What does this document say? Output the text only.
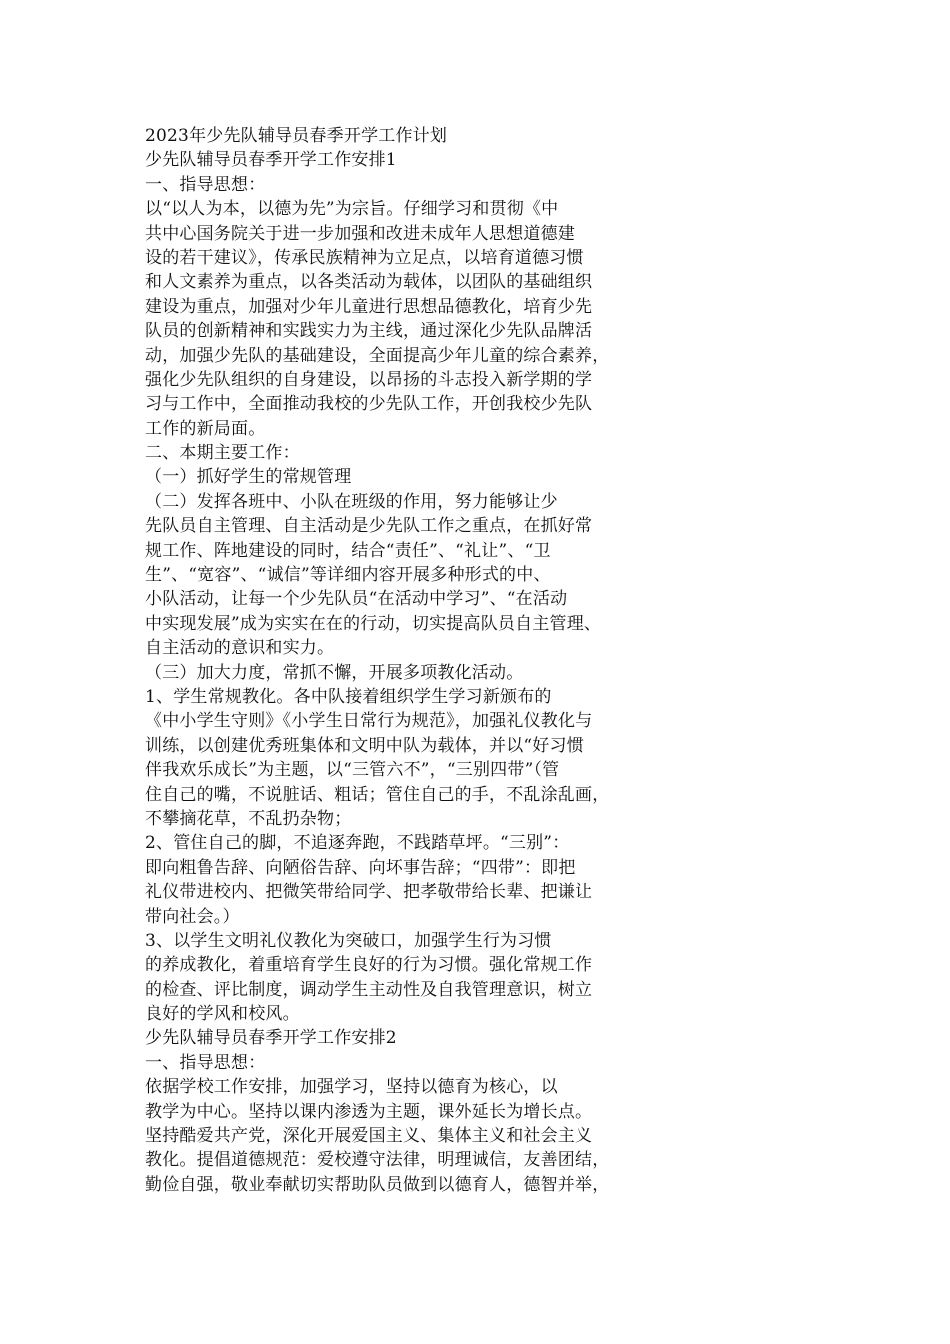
2023年少先队辅导员春季开学工作计划
少先队辅导员春季开学工作安排1
一、指导思想：
以“以人为本，以德为先”为宗旨。仔细学习和贯彻《中
共中心国务院关于进一步加强和改进未成年人思想道德建
设的若干建议》，传承民族精神为立足点，以培育道德习惯
和人文素养为重点，以各类活动为载体，以团队的基础组织
建设为重点，加强对少年儿童进行思想品德教化，培育少先
队员的创新精神和实践实力为主线，通过深化少先队品牌活
动，加强少先队的基础建设，全面提高少年儿童的综合素养，
强化少先队组织的自身建设，以昂扬的斗志投入新学期的学
习与工作中，全面推动我校的少先队工作，开创我校少先队
工作的新局面。
二、本期主要工作：
（一）抓好学生的常规管理
（二）发挥各班中、小队在班级的作用，努力能够让少
先队员自主管理、自主活动是少先队工作之重点，在抓好常
规工作、阵地建设的同时，结合“责任”、“礼让”、“卫
生”、“宽容”、“诚信”等详细内容开展多种形式的中、
小队活动，让每一个少先队员“在活动中学习”、“在活动
中实现发展”成为实实在在的行动，切实提高队员自主管理、
自主活动的意识和实力。
（三）加大力度，常抓不懈，开展多项教化活动。
1、学生常规教化。各中队接着组织学生学习新颁布的
《中小学生守则》《小学生日常行为规范》，加强礼仪教化与
训练，以创建优秀班集体和文明中队为载体，并以“好习惯
伴我欢乐成长”为主题，以“三管六不”，“三别四带”（管
住自己的嘴，不说脏话、粗话；管住自己的手，不乱涂乱画，
不攀摘花草，不乱扔杂物；
2、管住自己的脚，不追逐奔跑，不践踏草坪。“三别”：
即向粗鲁告辞、向陋俗告辞、向坏事告辞；“四带”：即把
礼仪带进校内、把微笑带给同学、把孝敬带给长辈、把谦让
带向社会。）
3、以学生文明礼仪教化为突破口，加强学生行为习惯
的养成教化，着重培育学生良好的行为习惯。强化常规工作
的检查、评比制度，调动学生主动性及自我管理意识，树立
良好的学风和校风。
少先队辅导员春季开学工作安排2
一、指导思想：
依据学校工作安排，加强学习，坚持以德育为核心，以
教学为中心。坚持以课内渗透为主题，课外延长为增长点。
坚持酷爱共产党，深化开展爱国主义、集体主义和社会主义
教化。提倡道德规范：爱校遵守法律，明理诚信，友善团结，
勤俭自强，敬业奉献切实帮助队员做到以德育人，德智并举，
